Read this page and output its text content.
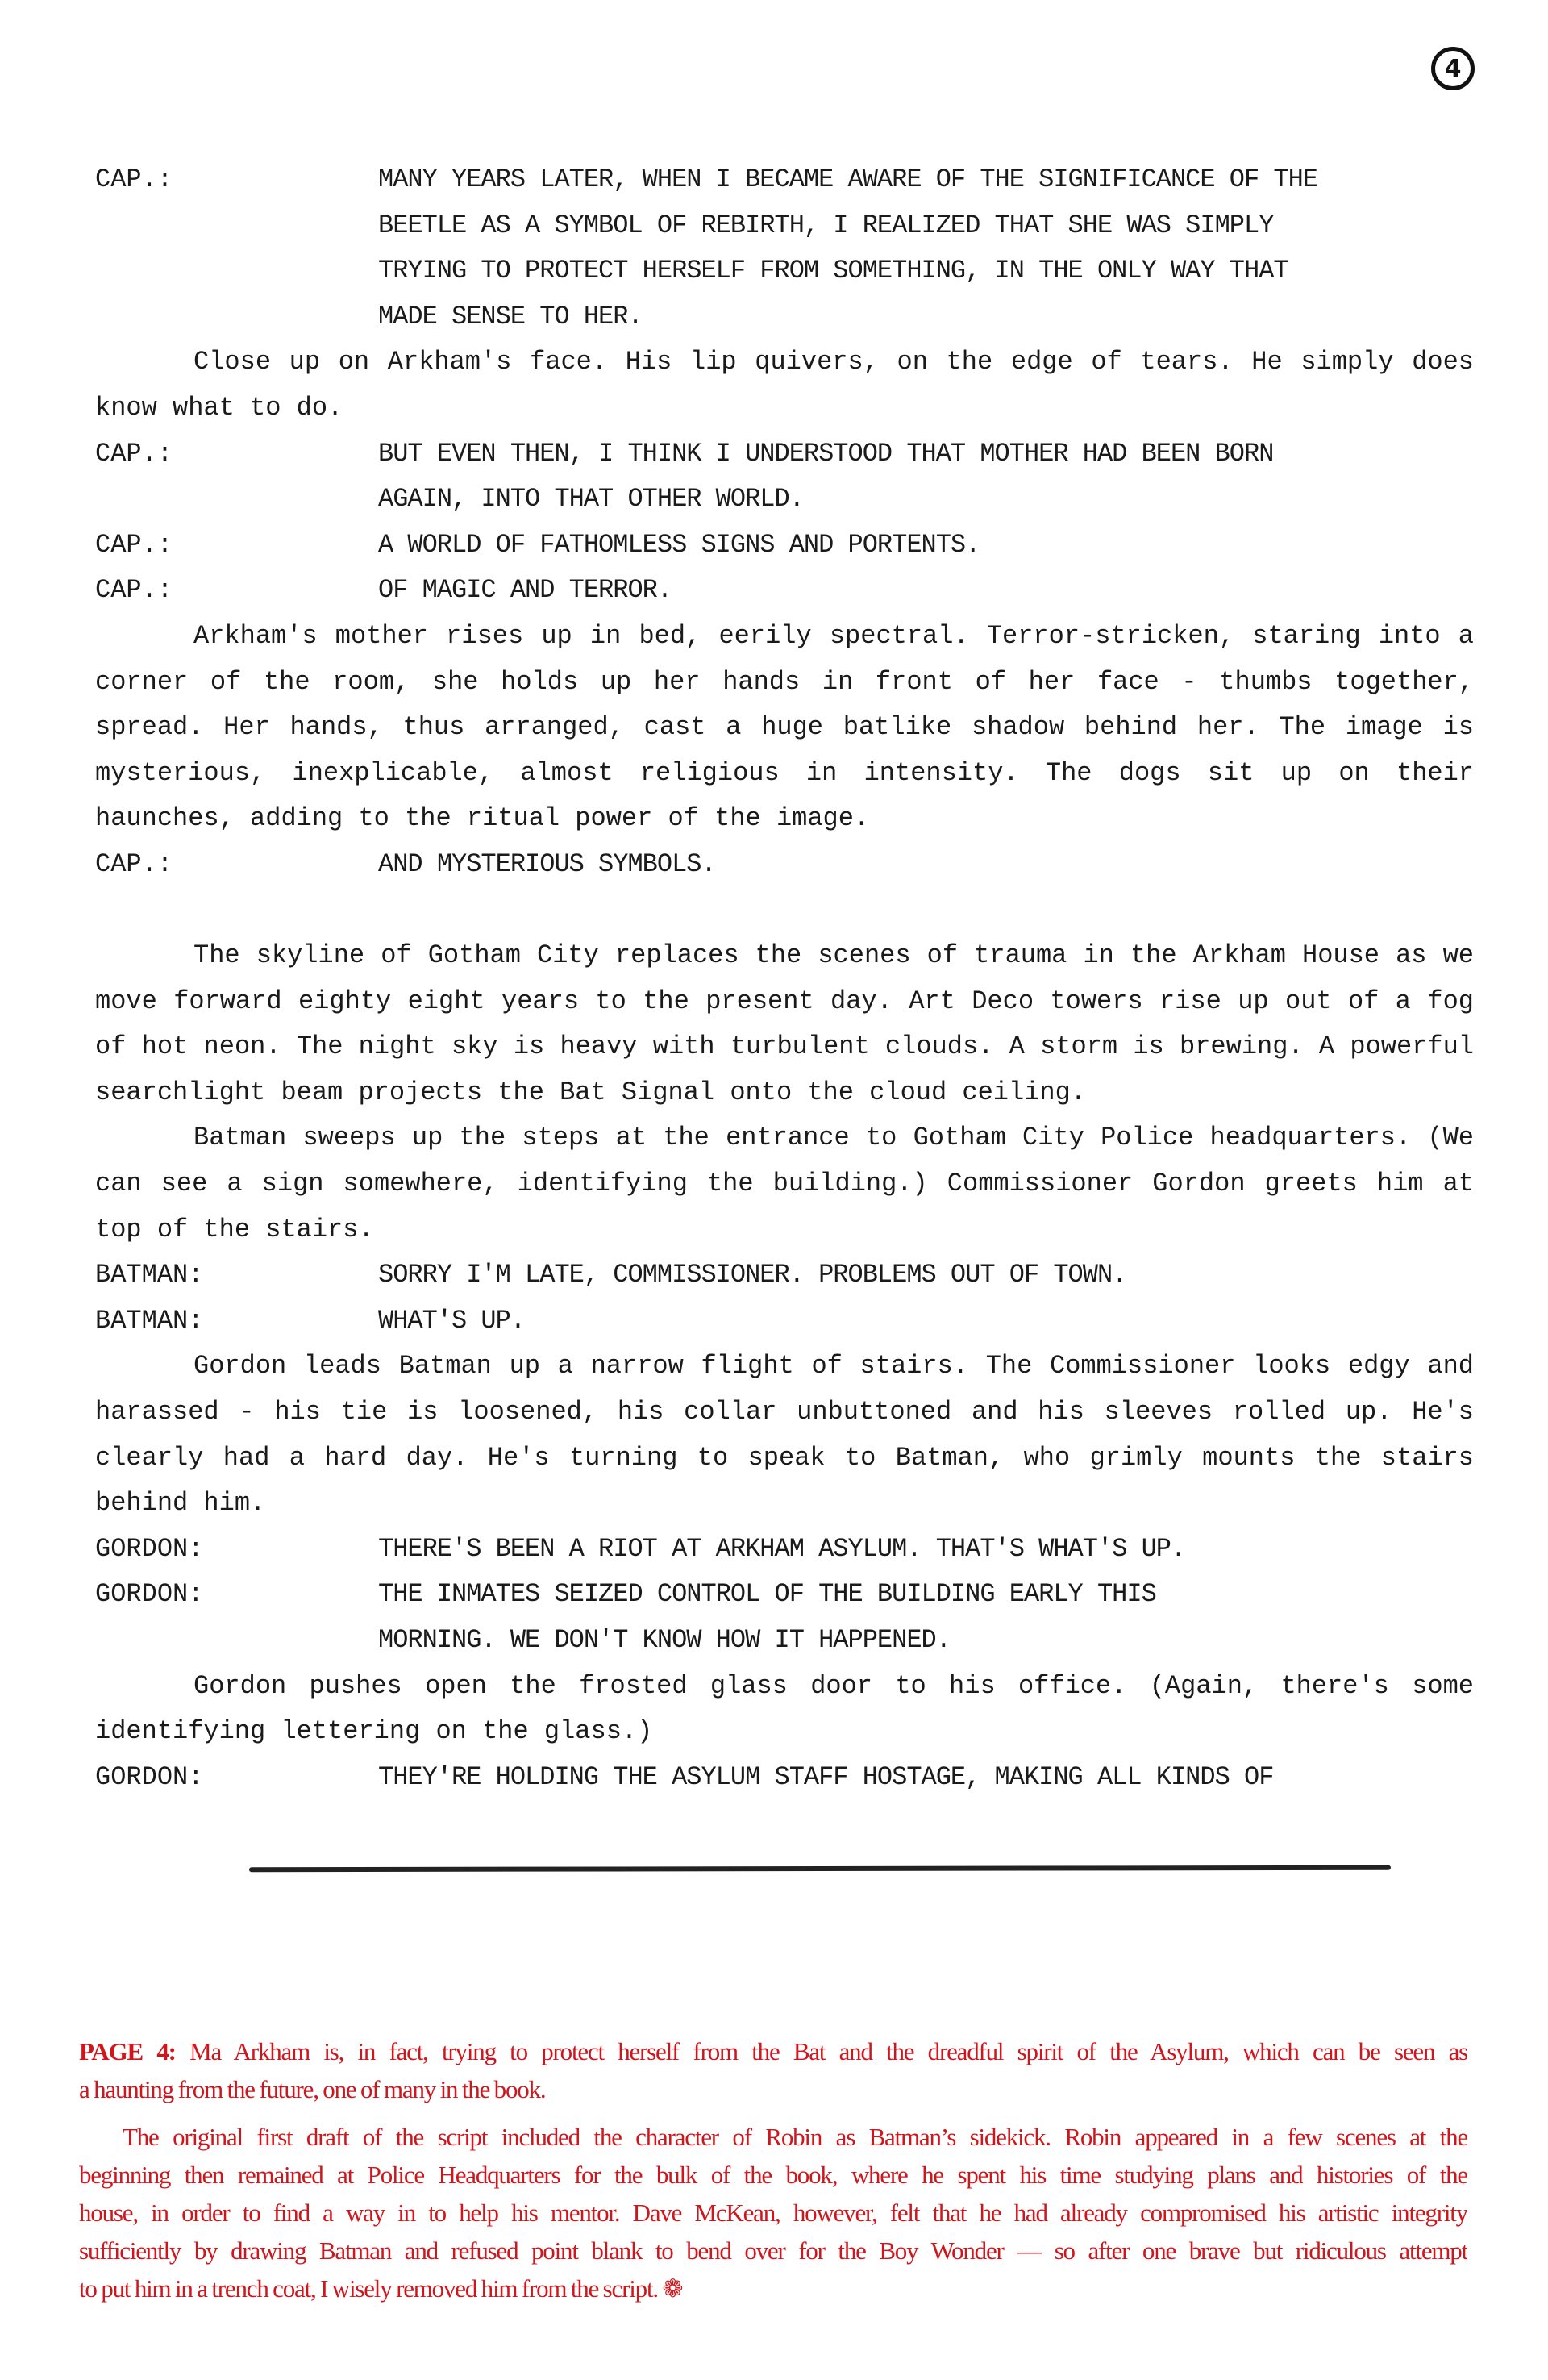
4
CAP.:	MANY YEARS LATER, WHEN I BECAME AWARE OF THE SIGNIFICANCE OF THE
BEETLE AS A SYMBOL OF REBIRTH, I REALIZED THAT SHE WAS SIMPLY
TRYING TO PROTECT HERSELF FROM SOMETHING, IN THE ONLY WAY THAT
MADE SENSE TO HER.
Close up on Arkham's face. His lip quivers, on the edge of tears. He simply does
know what to do.
CAP.:	BUT EVEN THEN, I THINK I UNDERSTOOD THAT MOTHER HAD BEEN BORN
AGAIN, INTO THAT OTHER WORLD.
CAP.:	A WORLD OF FATHOMLESS SIGNS AND PORTENTS.
CAP.:	OF MAGIC AND TERROR.
Arkham's mother rises up in bed, eerily spectral. Terror-stricken, staring into a
corner of the room, she holds up her hands in front of her face - thumbs together,
spread. Her hands, thus arranged, cast a huge batlike shadow behind her. The image is
mysterious, inexplicable, almost religious in intensity. The dogs sit up on their
haunches, adding to the ritual power of the image.
CAP.:	AND MYSTERIOUS SYMBOLS.
The skyline of Gotham City replaces the scenes of trauma in the Arkham House as we
move forward eighty eight years to the present day. Art Deco towers rise up out of a fog
of hot neon. The night sky is heavy with turbulent clouds. A storm is brewing. A powerful
searchlight beam projects the Bat Signal onto the cloud ceiling.
Batman sweeps up the steps at the entrance to Gotham City Police headquarters. (We
can see a sign somewhere, identifying the building.) Commissioner Gordon greets him at
top of the stairs.
BATMAN:	SORRY I'M LATE, COMMISSIONER. PROBLEMS OUT OF TOWN.
BATMAN:	WHAT'S UP.
Gordon leads Batman up a narrow flight of stairs. The Commissioner looks edgy and
harassed - his tie is loosened, his collar unbuttoned and his sleeves rolled up. He's
clearly had a hard day. He's turning to speak to Batman, who grimly mounts the stairs
behind him.
GORDON:	THERE'S BEEN A RIOT AT ARKHAM ASYLUM. THAT'S WHAT'S UP.
GORDON:	THE INMATES SEIZED CONTROL OF THE BUILDING EARLY THIS
MORNING. WE DON'T KNOW HOW IT HAPPENED.
Gordon pushes open the frosted glass door to his office. (Again, there's some
identifying lettering on the glass.)
GORDON:	THEY'RE HOLDING THE ASYLUM STAFF HOSTAGE, MAKING ALL KINDS OF
PAGE 4: Ma Arkham is, in fact, trying to protect herself from the Bat and the dreadful spirit of the Asylum, which can be seen as
a haunting from the future, one of many in the book.
The original first draft of the script included the character of Robin as Batman’s sidekick. Robin appeared in a few scenes at the
beginning then remained at Police Headquarters for the bulk of the book, where he spent his time studying plans and histories of the
house, in order to find a way in to help his mentor. Dave McKean, however, felt that he had already compromised his artistic integrity
sufficiently by drawing Batman and refused point blank to bend over for the Boy Wonder — so after one brave but ridiculous attempt
to put him in a trench coat, I wisely removed him from the script. ❁
